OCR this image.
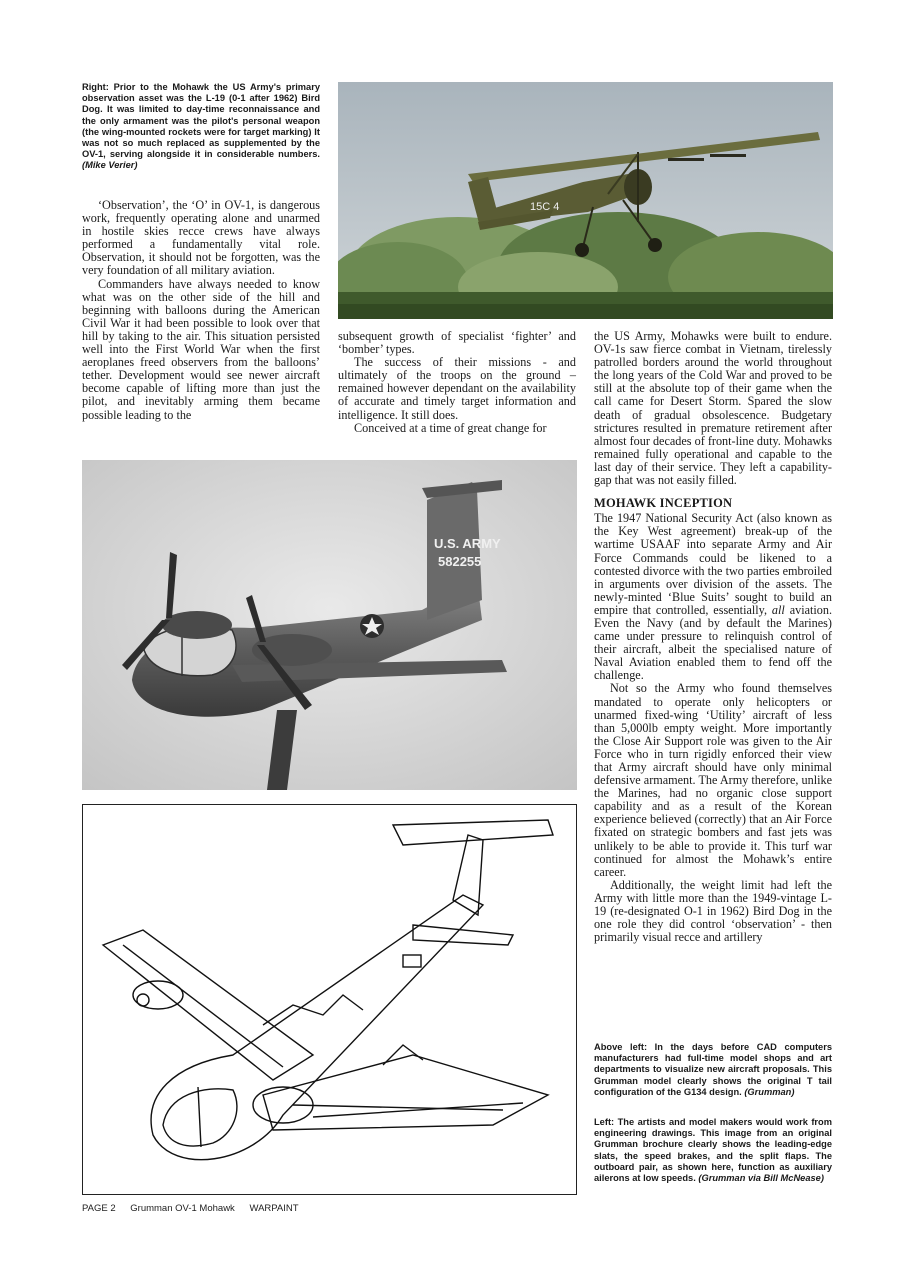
Right: Prior to the Mohawk the US Army's primary observation asset was the L-19 (0-1 after 1962) Bird Dog. It was limited to day-time reconnaissance and the only armament was the pilot's personal weapon (the wing-mounted rockets were for target marking) It was not so much replaced as supplemented by the OV-1, serving alongside it in considerable numbers. (Mike Verier)
15C 4

‘Observation’, the ‘O’ in OV-1, is dangerous work, frequently operating alone and unarmed in hostile skies recce crews have always performed a fundamentally vital role. Observation, it should not be forgotten, was the very foundation of all military aviation.

Commanders have always needed to know what was on the other side of the hill and beginning with balloons during the American Civil War it had been possible to look over that hill by taking to the air. This situation persisted well into the First World War when the first aeroplanes freed observers from the balloons’ tether. Development would see newer aircraft become capable of lifting more than just the pilot, and inevitably arming them became possible leading to the

subsequent growth of specialist ‘fighter’ and ‘bomber’ types.

The success of their missions - and ultimately of the troops on the ground – remained however dependant on the availability of accurate and timely target information and intelligence. It still does.

Conceived at a time of great change for

U.S. ARMY
582255

the US Army, Mohawks were built to endure. OV-1s saw fierce combat in Vietnam, tirelessly patrolled borders around the world throughout the long years of the Cold War and proved to be still at the absolute top of their game when the call came for Desert Storm. Spared the slow death of gradual obsolescence. Budgetary strictures resulted in premature retirement after almost four decades of front-line duty. Mohawks remained fully operational and capable to the last day of their service. They left a capability-gap that was not easily filled.

MOHAWK INCEPTION

The 1947 National Security Act (also known as the Key West agreement) break-up of the wartime USAAF into separate Army and Air Force Commands could be likened to a contested divorce with the two parties embroiled in arguments over division of the assets. The newly-minted ‘Blue Suits’ sought to build an empire that controlled, essentially, all aviation. Even the Navy (and by default the Marines) came under pressure to relinquish control of their aircraft, albeit the specialised nature of Naval Aviation enabled them to fend off the challenge.

Not so the Army who found themselves mandated to operate only helicopters or unarmed fixed-wing ‘Utility’ aircraft of less than 5,000lb empty weight. More importantly the Close Air Support role was given to the Air Force who in turn rigidly enforced their view that Army aircraft should have only minimal defensive armament. The Army therefore, unlike the Marines, had no organic close support capability and as a result of the Korean experience believed (correctly) that an Air Force fixated on strategic bombers and fast jets was unlikely to be able to provide it. This turf war continued for almost the Mohawk’s entire career.

Additionally, the weight limit had left the Army with little more than the 1949-vintage L-19 (re-designated O-1 in 1962) Bird Dog in the one role they did control ‘observation’ - then primarily visual recce and artillery

Above left: In the days before CAD computers manufacturers had full-time model shops and art departments to visualize new aircraft proposals. This Grumman model clearly shows the original T tail configuration of the G134 design. (Grumman)
Left: The artists and model makers would work from engineering drawings. This image from an original Grumman brochure clearly shows the leading-edge slats, the speed brakes, and the split flaps. The outboard pair, as shown here, function as auxiliary ailerons at low speeds. (Grumman via Bill McNease)
PAGE 2 Grumman OV-1 Mohawk WARPAINT
